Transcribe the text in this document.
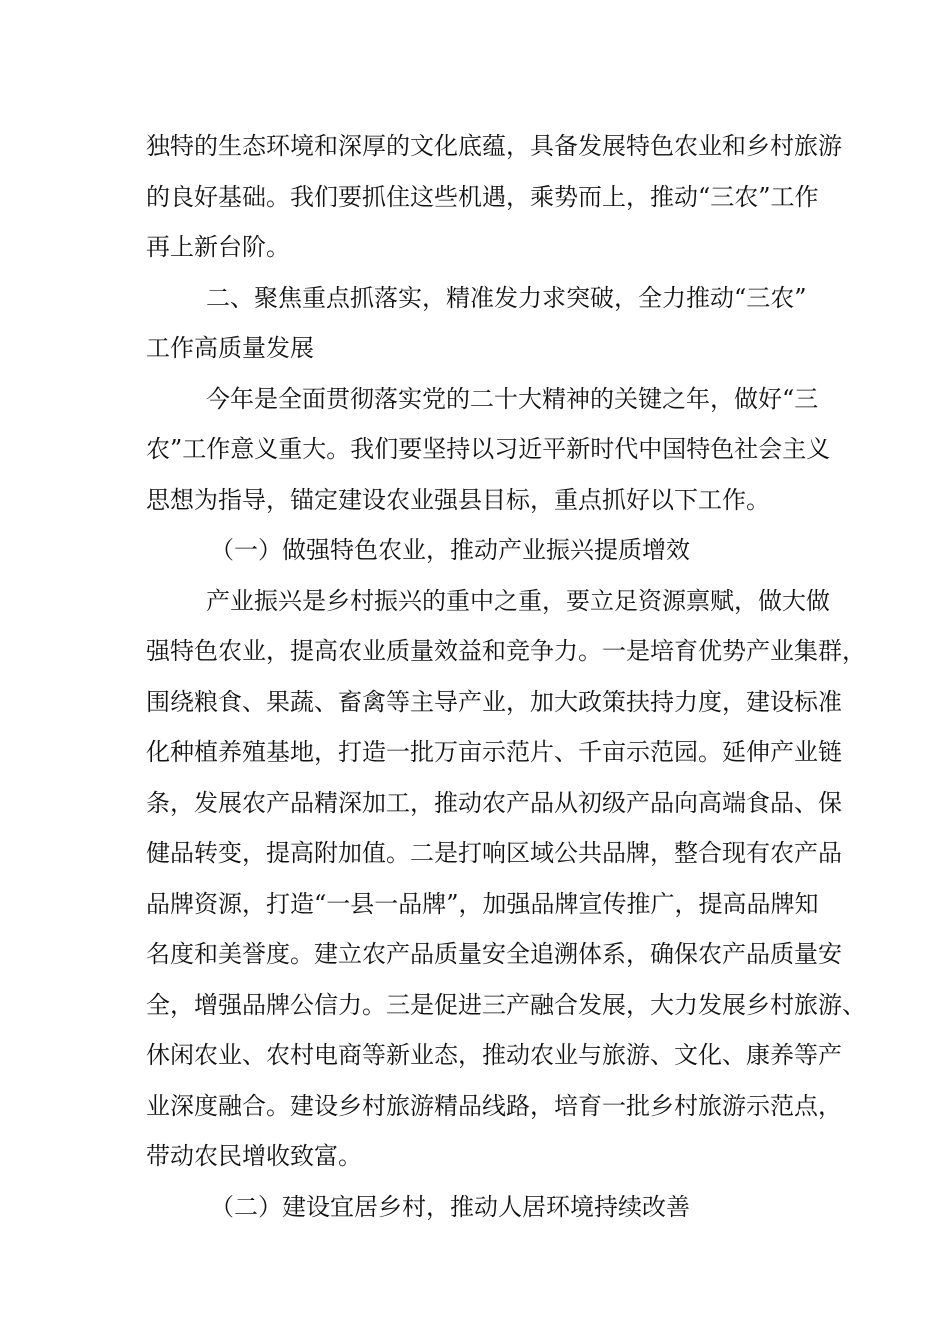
独特的生态环境和深厚的文化底蕴，具备发展特色农业和乡村旅游
的良好基础。我们要抓住这些机遇，乘势而上，推动“三农”工作
再上新台阶。
二、聚焦重点抓落实，精准发力求突破，全力推动“三农”
工作高质量发展
今年是全面贯彻落实党的二十大精神的关键之年，做好“三
农”工作意义重大。我们要坚持以习近平新时代中国特色社会主义
思想为指导，锚定建设农业强县目标，重点抓好以下工作。
（一）做强特色农业，推动产业振兴提质增效
产业振兴是乡村振兴的重中之重，要立足资源禀赋，做大做
强特色农业，提高农业质量效益和竞争力。一是培育优势产业集群，
围绕粮食、果蔬、畜禽等主导产业，加大政策扶持力度，建设标准
化种植养殖基地，打造一批万亩示范片、千亩示范园。延伸产业链
条，发展农产品精深加工，推动农产品从初级产品向高端食品、保
健品转变，提高附加值。二是打响区域公共品牌，整合现有农产品
品牌资源，打造“一县一品牌”，加强品牌宣传推广，提高品牌知
名度和美誉度。建立农产品质量安全追溯体系，确保农产品质量安
全，增强品牌公信力。三是促进三产融合发展，大力发展乡村旅游、
休闲农业、农村电商等新业态，推动农业与旅游、文化、康养等产
业深度融合。建设乡村旅游精品线路，培育一批乡村旅游示范点，
带动农民增收致富。
（二）建设宜居乡村，推动人居环境持续改善
